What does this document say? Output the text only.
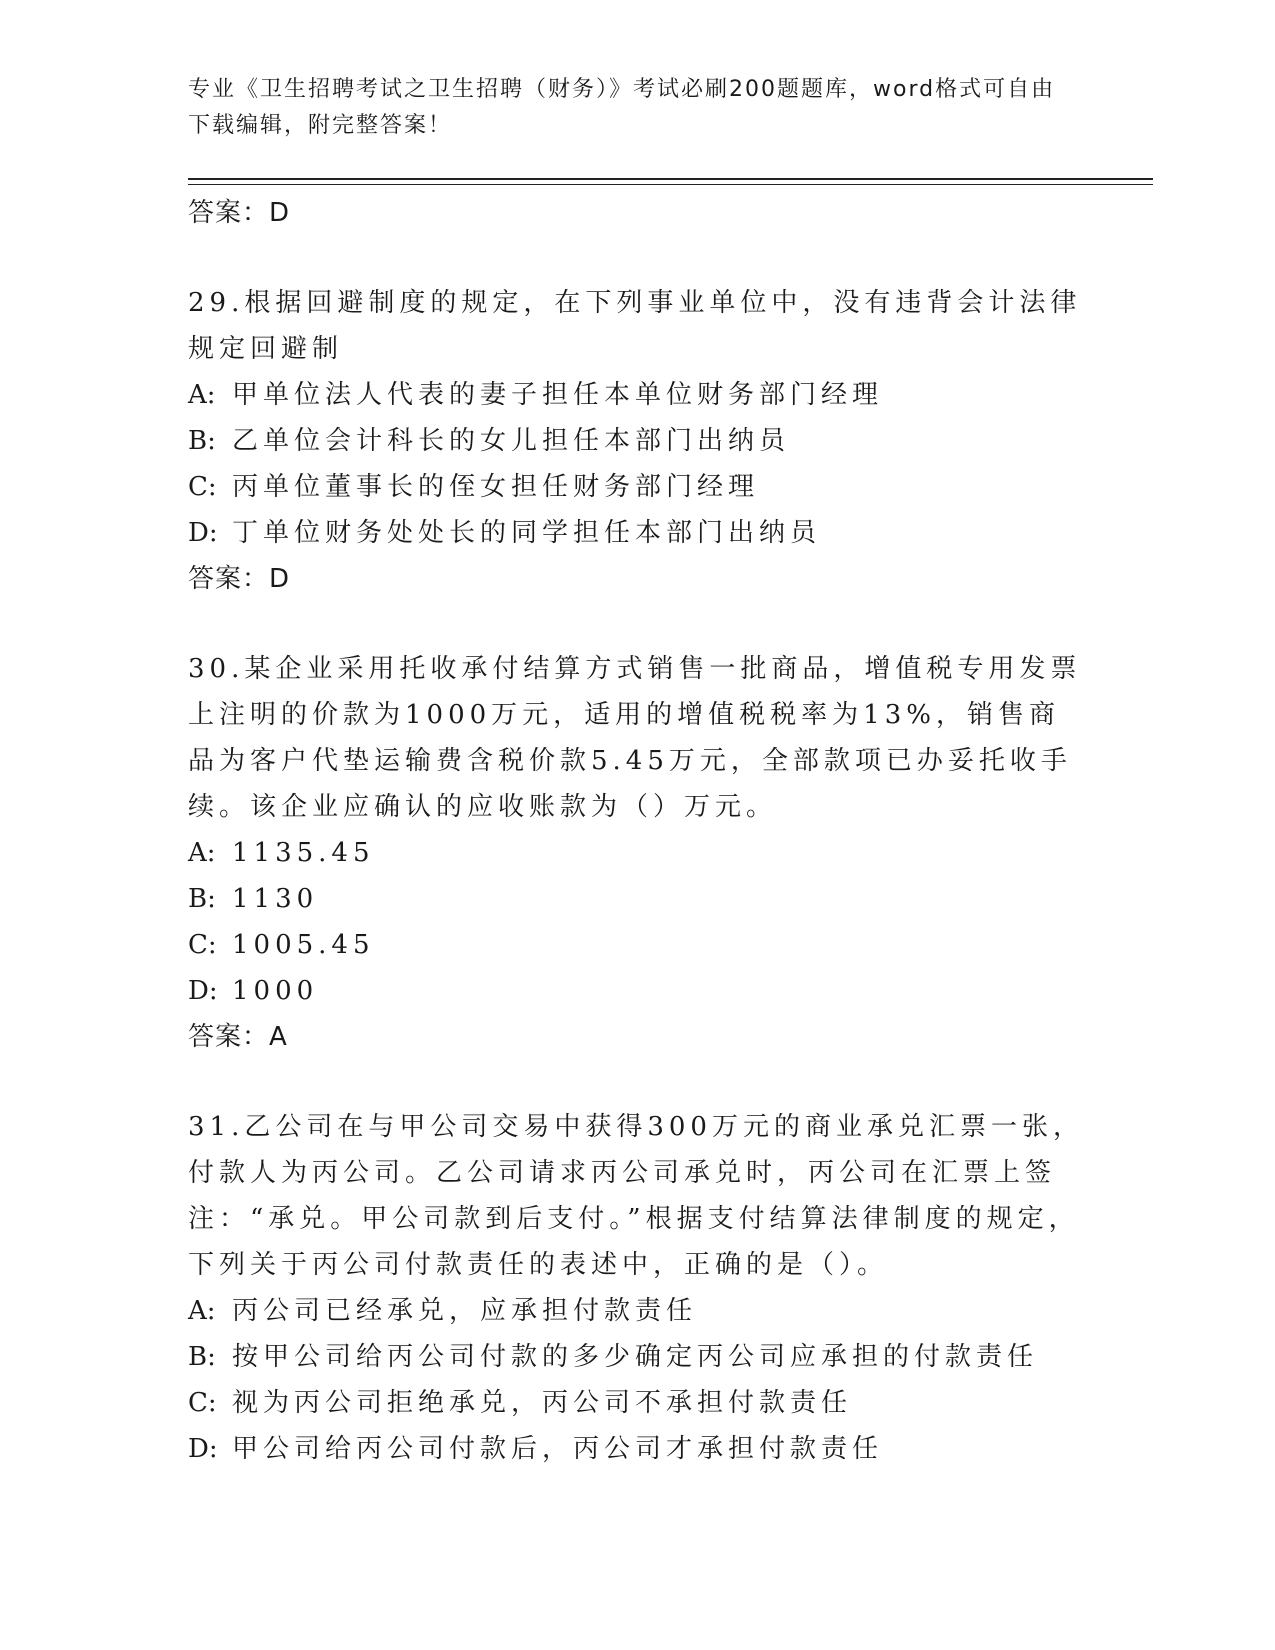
专业《卫生招聘考试之卫生招聘（财务）》考试必刷200题题库，word格式可自由下载编辑，附完整答案！
答案：D
29.根据回避制度的规定，在下列事业单位中，没有违背会计法律规定回避制
A: 甲单位法人代表的妻子担任本单位财务部门经理
B: 乙单位会计科长的女儿担任本部门出纳员
C: 丙单位董事长的侄女担任财务部门经理
D: 丁单位财务处处长的同学担任本部门出纳员
答案：D
30.某企业采用托收承付结算方式销售一批商品，增值税专用发票上注明的价款为1000万元，适用的增值税税率为13%，销售商品为客户代垫运输费含税价款5.45万元，全部款项已办妥托收手续。该企业应确认的应收账款为（）万元。
A: 1135.45
B: 1130
C: 1005.45
D: 1000
答案：A
31.乙公司在与甲公司交易中获得300万元的商业承兑汇票一张，付款人为丙公司。乙公司请求丙公司承兑时，丙公司在汇票上签注：“承兑。甲公司款到后支付。”根据支付结算法律制度的规定，下列关于丙公司付款责任的表述中，正确的是（）。
A: 丙公司已经承兑，应承担付款责任
B: 按甲公司给丙公司付款的多少确定丙公司应承担的付款责任
C: 视为丙公司拒绝承兑，丙公司不承担付款责任
D: 甲公司给丙公司付款后，丙公司才承担付款责任
